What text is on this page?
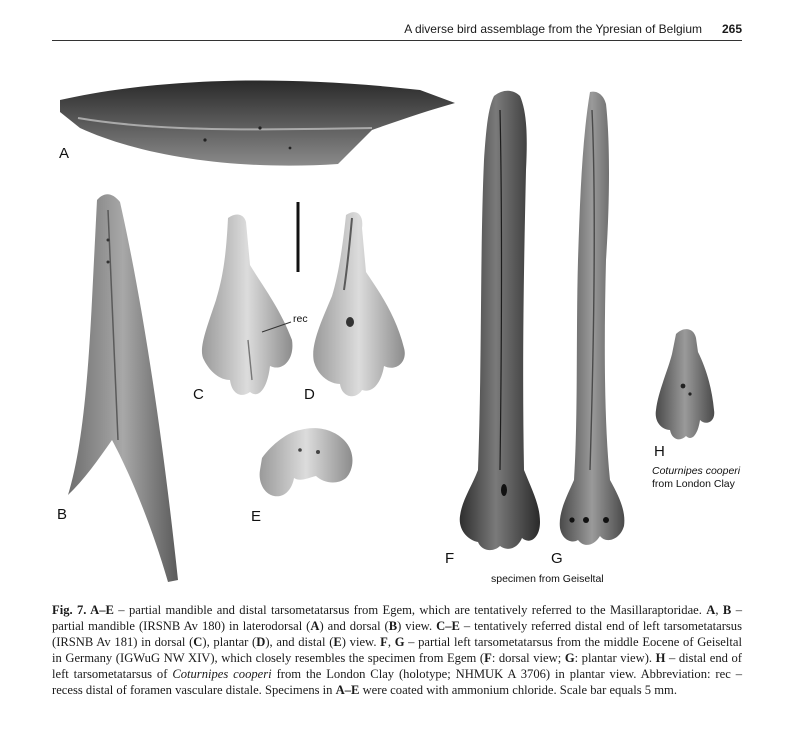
A diverse bird assemblage from the Ypresian of Belgium 265
A
B
C	D
E
F	G
H
rec
Coturnipes cooperi
from London Clay
specimen from Geiseltal
Fig. 7. A–E – partial mandible and distal tarsometatarsus from Egem, which are tentatively referred to the Masillaraptoridae. A, B – partial mandible (IRSNB Av 180) in laterodorsal (A) and dorsal (B) view. C–E – tentatively referred distal end of left tarsometatarsus (IRSNB Av 181) in dorsal (C), plantar (D), and distal (E) view. F, G – partial left tarsometatarsus from the middle Eocene of Geiseltal in Germany (IGWuG NW XIV), which closely resembles the specimen from Egem (F: dorsal view; G: plantar view). H – distal end of left tarsometatarsus of Coturnipes cooperi from the London Clay (holotype; NHMUK A 3706) in plantar view. Abbreviation: rec – recess distal of foramen vasculare distale. Specimens in A–E were coated with ammonium chloride. Scale bar equals 5 mm.
